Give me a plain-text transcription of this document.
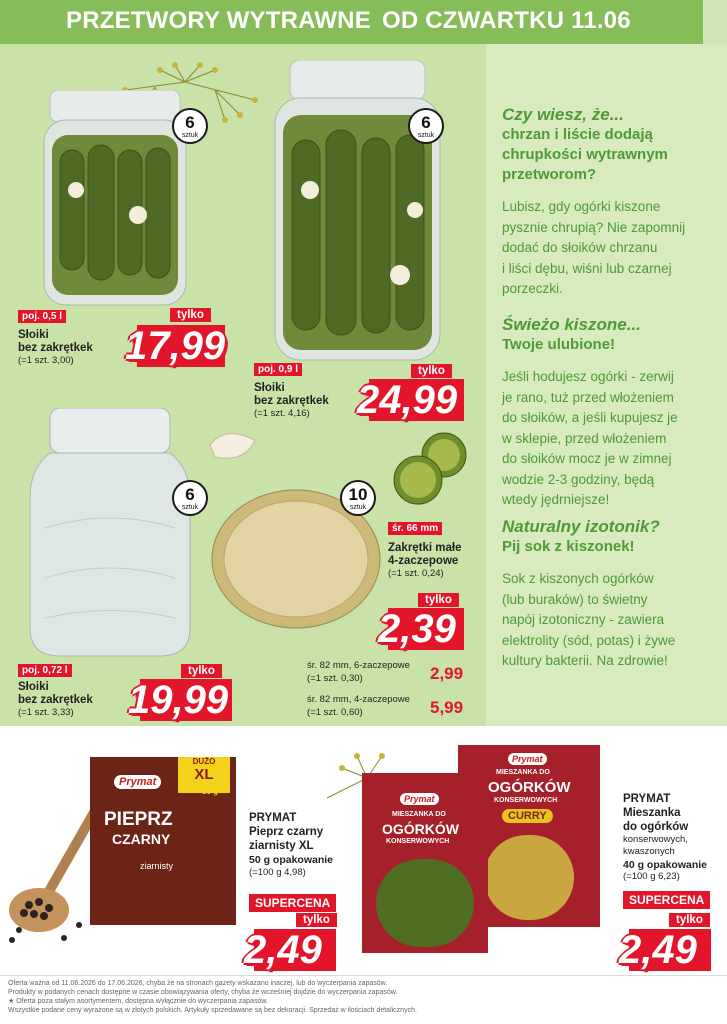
PRZETWORY WYTRAWNE OD CZWARTKU 11.06
6
sztuk
poj. 0,5 l
Słoiki
bez zakrętkek
(=1 szt. 3,00)
tylko
17,99
6
sztuk
poj. 0,9 l
Słoiki
bez zakrętkek
(=1 szt. 4,16)
tylko
24,99
6
sztuk
poj. 0,72 l
Słoiki
bez zakrętkek
(=1 szt. 3,33)
tylko
19,99
10
sztuk
śr. 66 mm
Zakrętki małe
4-zaczepowe
(=1 szt. 0,24)
tylko
2,39
śr. 82 mm, 6-zaczepowe
(=1 szt. 0,30)	2,99
śr. 82 mm, 4-zaczepowe
(=1 szt. 0,60)	5,99
Czy wiesz, że...
chrzan i liście dodają
chrupkości wytrawnym
przetworom?
Lubisz, gdy ogórki kiszone
pysznie chrupią? Nie zapomnij
dodać do słoików chrzanu
i liści dębu, wiśni lub czarnej
porzeczki.
Świeżo kiszone...
Twoje ulubione!
Jeśli hodujesz ogórki - zerwij
je rano, tuż przed włożeniem
do słoików, a jeśli kupujesz je
w sklepie, przed włożeniem
do słoików mocz je w zimnej
wodzie 2-3 godziny, będą
wtedy jędrniejsze!
Naturalny izotonik?
Pij sok z kiszonek!
Sok z kiszonych ogórków
(lub buraków) to świetny
napój izotoniczny - zawiera
elektrolity (sód, potas) i żywe
kultury bakterii. Na zdrowie!
Prymat
DUŻO
XL
50 g
PIEPRZ
CZARNY
ziarnisty
PRYMAT
Pieprz czarny
ziarnisty XL
50 g opakowanie
(=100 g 4,98)
SUPERCENA
tylko
2,49
Prymat
MIESZANKA DO
OGÓRKÓW
KONSERWOWYCH
CURRY
Prymat
MIESZANKA DO
OGÓRKÓW
KONSERWOWYCH
PRYMAT
Mieszanka
do ogórków
konserwowych,
kwaszonych
40 g opakowanie
(=100 g 6,23)
SUPERCENA
tylko
2,49
Oferta ważna od 11.06.2026 do 17.06.2026, chyba że na stronach gazety wskazano inaczej, lub do wyczerpania zapasów.
Produkty w podanych cenach dostępne w czasie obowiązywania oferty, chyba że wcześniej dojdzie do wyczerpania zapasów.
★ Oferta poza stałym asortymentem, dostępna wyłącznie do wyczerpania zapasów.
Wszystkie podane ceny wyrażone są w złotych polskich. Artykuły sprzedawane są bez dekoracji. Sprzedaż w ilościach detalicznych.
